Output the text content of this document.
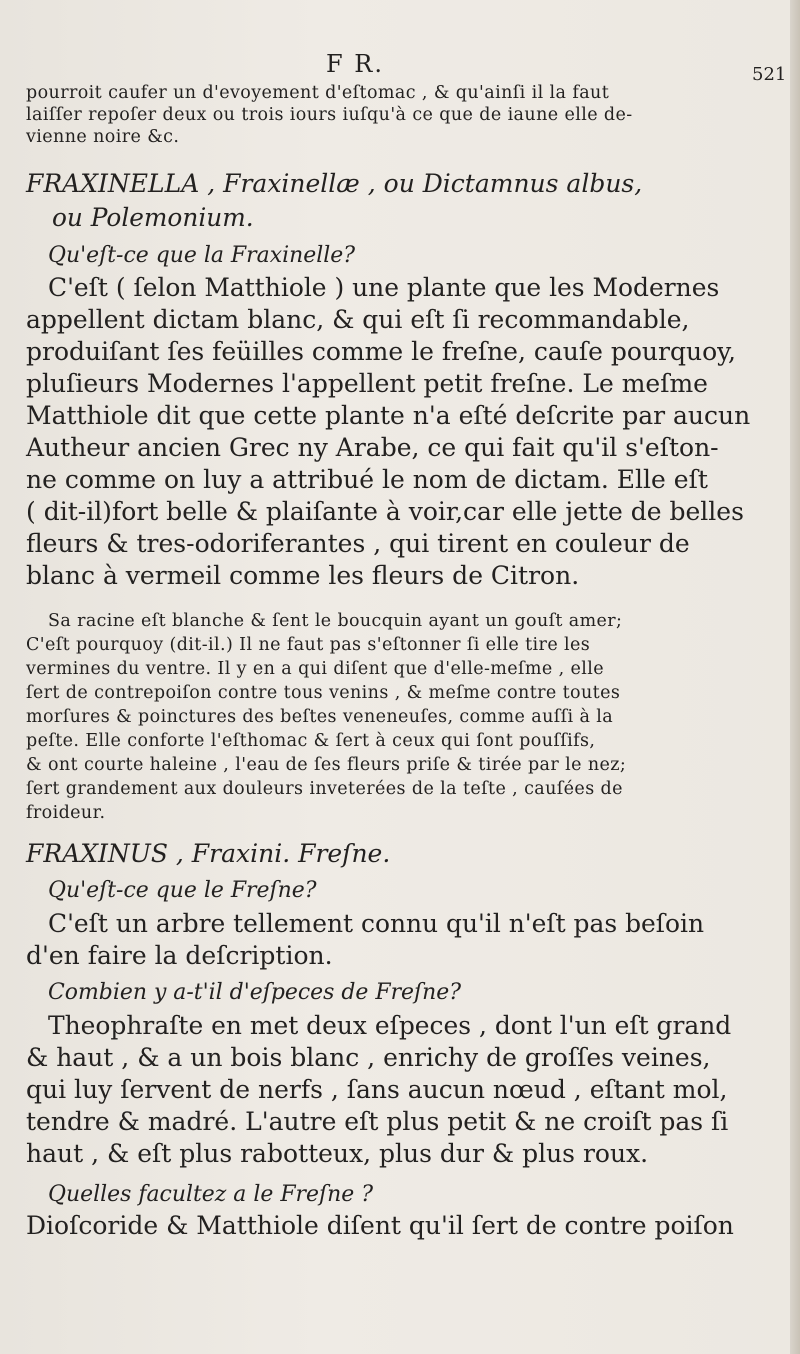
F R.	521

pourroit caufer un d'evoyement d'eſtomac , & qu'ainſi il la faut

laiſſer repoſer deux ou trois iours iuſqu'à ce que de iaune elle de-

vienne noire &c.

FRAXINELLA , Fraxinellæ , ou Dictamnus albus,

ou Polemonium.

Qu'eſt-ce que la Fraxinelle?

C'eſt ( ſelon Matthiole ) une plante que les Modernes

appellent dictam blanc, & qui eſt ſi recommandable,

produiſant ſes feüilles comme le freſne, cauſe pourquoy,

pluſieurs Modernes l'appellent petit freſne. Le meſme

Matthiole dit que cette plante n'a eſté deſcrite par aucun

Autheur ancien Grec ny Arabe, ce qui fait qu'il s'eſton-

ne comme on luy a attribué le nom de dictam. Elle eſt

( dit-il)fort belle & plaiſante à voir,car elle jette de belles

fleurs & tres-odoriferantes , qui tirent en couleur de

blanc à vermeil comme les fleurs de Citron.

Sa racine eſt blanche & ſent le boucquin ayant un gouſt amer;

C'eſt pourquoy (dit-il.) Il ne faut pas s'eſtonner ſi elle tire les

vermines du ventre. Il y en a qui diſent que d'elle-meſme , elle

ſert de contrepoiſon contre tous venins , & meſme contre toutes

morſures & poinctures des beſtes veneneuſes, comme auſſi à la

peſte. Elle conforte l'eſthomac & ſert à ceux qui ſont pouſſifs,

& ont courte haleine , l'eau de ſes fleurs priſe & tirée par le nez;

ſert grandement aux douleurs inveterées de la teſte , cauſées de

froideur.

FRAXINUS , Fraxini. Freſne.

Qu'eſt-ce que le Freſne?

C'eſt un arbre tellement connu qu'il n'eſt pas beſoin

d'en faire la deſcription.

Combien y a-t'il d'eſpeces de Freſne?

Theophraſte en met deux eſpeces , dont l'un eſt grand

& haut , & a un bois blanc , enrichy de groſſes veines,

qui luy ſervent de nerfs , ſans aucun nœud , eſtant mol,

tendre & madré. L'autre eſt plus petit & ne croiſt pas ſi

haut , & eſt plus rabotteux, plus dur & plus roux.

Quelles facultez a le Freſne ?

Dioſcoride & Matthiole diſent qu'il ſert de contre poiſon
